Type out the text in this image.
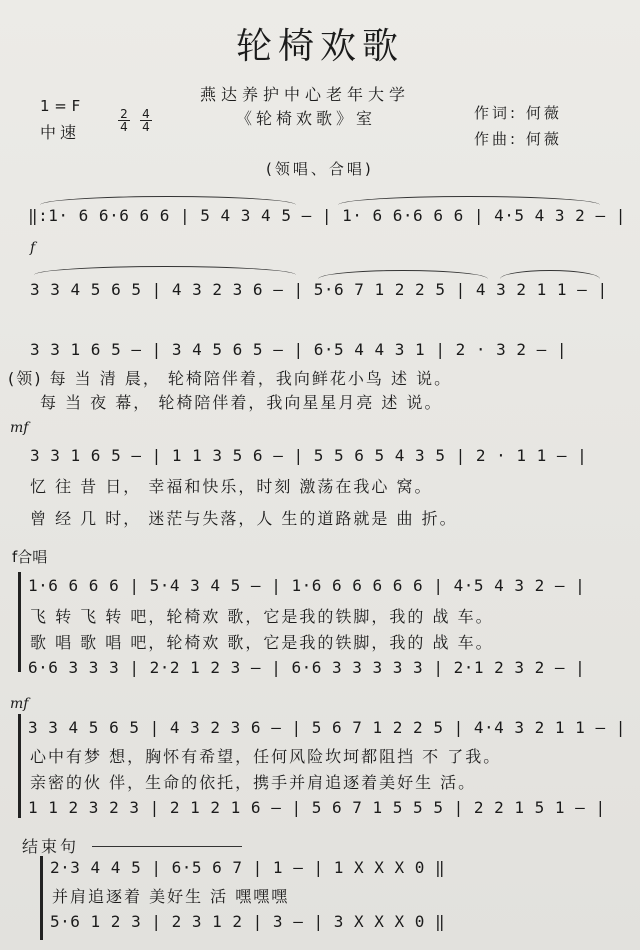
轮椅欢歌
燕达养护中心老年大学
《轮椅欢歌》室
1 = F
中速	$\frac{2}{4} \frac{4}{4}$	作词: 何薇
作曲: 何薇
(领唱、合唱)
‖:1· 6 6·6 6 6 | 5 4 3 4 5 — | 1· 6 6·6 6 6 | 4·5 4 3 2 — |
f
3 3 4 5 6 5 | 4 3 2 3 6 — | 5·6 7 1 2 2 5 | 4 3 2 1 1 — |
3 3 1 6 5 — | 3 4 5 6 5 — | 6·5 4 4 3 1 | 2 · 3 2 — |
(领) 每 当 清 晨， 轮椅陪伴着，我向鲜花小鸟 述 说。
每 当 夜 幕， 轮椅陪伴着，我向星星月亮 述 说。
mf
3 3 1 6 5 — | 1 1 3 5 6 — | 5 5 6 5 4 3 5 | 2 · 1 1 — |
忆 往 昔 日， 幸福和快乐，时刻 激荡在我心 窝。
曾 经 几 时， 迷茫与失落，人 生的道路就是 曲 折。
f合唱
1·6 6 6 6 | 5·4 3 4 5 — | 1·6 6 6 6 6 6 | 4·5 4 3 2 — |
飞 转 飞 转 吧，轮椅欢 歌，它是我的铁脚，我的 战 车。
歌 唱 歌 唱 吧，轮椅欢 歌，它是我的铁脚，我的 战 车。
6·6 3 3 3 | 2·2 1 2 3 — | 6·6 3 3 3 3 3 | 2·1 2 3 2 — |
mf
3 3 4 5 6 5 | 4 3 2 3 6 — | 5 6 7 1 2 2 5 | 4·4 3 2 1 1 — |
心中有梦 想，胸怀有希望，任何风险坎坷都阻挡 不 了我。
亲密的伙 伴，生命的依托，携手并肩追逐着美好生 活。
1 1 2 3 2 3 | 2 1 2 1 6 — | 5 6 7 1 5 5 5 | 2 2 1 5 1 — |
结束句
2·3 4 4 5 | 6·5 6 7 | 1 — | 1 X X X 0 ‖
并肩追逐着 美好生 活 嘿嘿嘿
5·6 1 2 3 | 2 3 1 2 | 3 — | 3 X X X 0 ‖
